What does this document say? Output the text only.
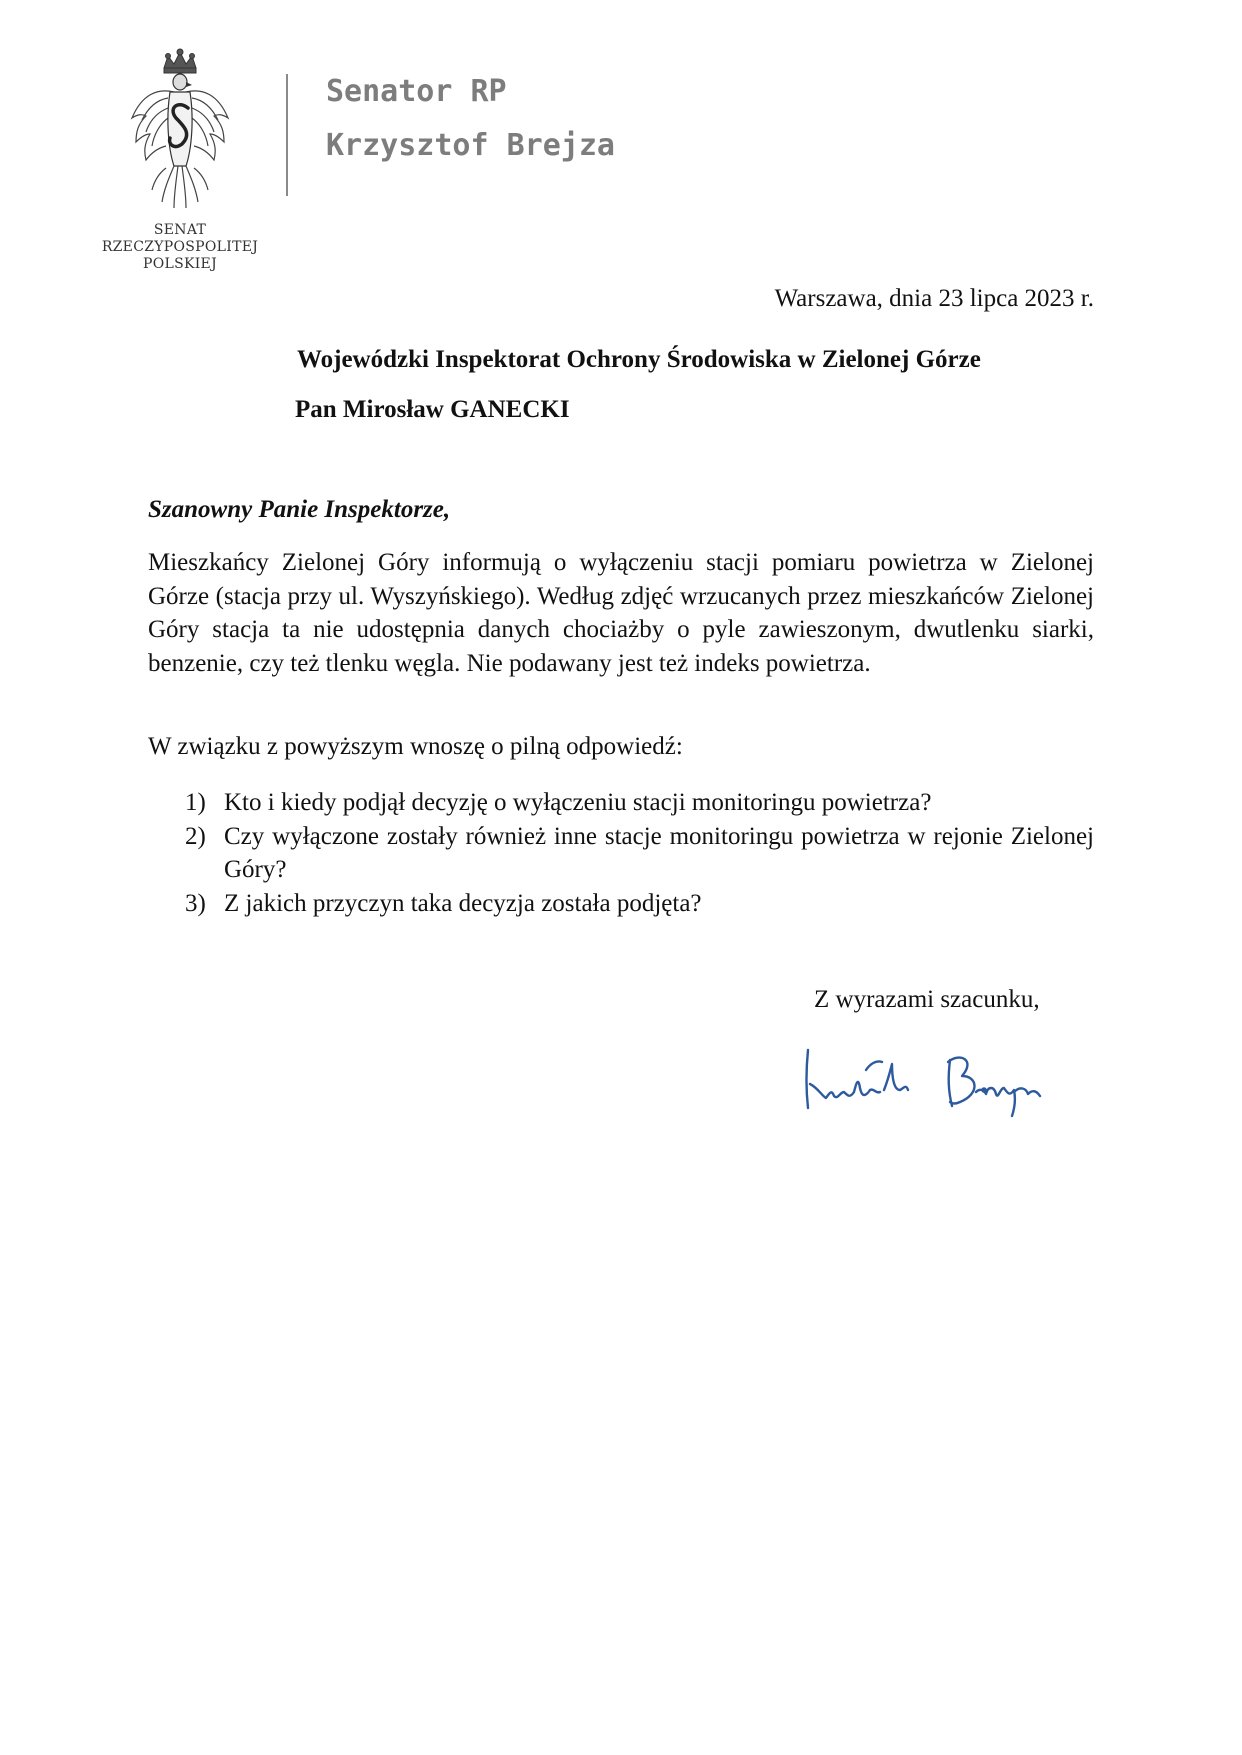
SENAT
RZECZYPOSPOLITEJ
POLSKIEJ
Senator RP
Krzysztof Brejza
Warszawa, dnia 23 lipca 2023 r.
Wojewódzki Inspektorat Ochrony Środowiska w Zielonej Górze
Pan Mirosław GANECKI
Szanowny Panie Inspektorze,

Mieszkańcy Zielonej Góry informują o wyłączeniu stacji pomiaru powietrza w Zielonej Górze (stacja przy ul. Wyszyńskiego). Według zdjęć wrzucanych przez mieszkańców Zielonej Góry stacja ta nie udostępnia danych chociażby o pyle zawieszonym, dwutlenku siarki, benzenie, czy też tlenku węgla. Nie podawany jest też indeks powietrza.

W związku z powyższym wnoszę o pilną odpowiedź:
1) Kto i kiedy podjął decyzję o wyłączeniu stacji monitoringu powietrza?
2) Czy wyłączone zostały również inne stacje monitoringu powietrza w rejonie Zielonej Góry?
3) Z jakich przyczyn taka decyzja została podjęta?
Z wyrazami szacunku,
